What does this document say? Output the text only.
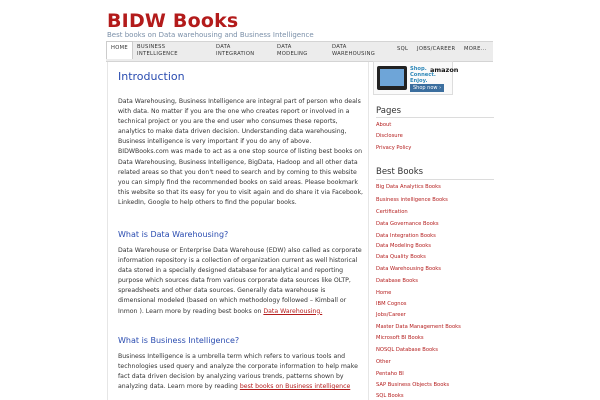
BIDW Books
Best books on Data warehousing and Business Intelligence
HOME	BUSINESS INTELLIGENCE
DATA INTEGRATION
DATA MODELING
DATA WAREHOUSING
SQL JOBS/CAREER MORE...
Introduction

Data Warehousing, Business Intelligence are integral part of person who deals with data. No matter if you are the one who creates report or involved in a technical project or you are the end user who consumes these reports, analytics to make data driven decision. Understanding data warehousing, Business intelligence is very important if you do any of above. BIDWBooks.com was made to act as a one stop source of listing best books on Data Warehousing, Business Intelligence, BigData, Hadoop and all other data related areas so that you don't need to search and by coming to this website you can simply find the recommended books on said areas. Please bookmark this website so that its easy for you to visit again and do share it via Facebook, LinkedIn, Google to help others to find the popular books.

What is Data Warehousing?

Data Warehouse or Enterprise Data Warehouse (EDW) also called as corporate information repository is a collection of organization current as well historical data stored in a specially designed database for analytical and reporting purpose which sources data from various corporate data sources like OLTP, spreadsheets and other data sources. Generally data warehouse is dimensional modeled (based on which methodology followed – Kimball or Inmon ). Learn more by reading best books on Data Warehousing.

What is Business Intelligence?

Business Intelligence is a umbrella term which refers to various tools and technologies used query and analyze the corporate information to help make fact data driven decision by analyzing various trends, patterns shown by analyzing data. Learn more by reading best books on Business intelligence

Shop.
Connect.
Enjoy.
amazon
Shop now ›
Pages
About
Disclosure
Privacy Policy
Best Books
Big Data Analytics Books
Business intelligence Books
Certification
Data Governance Books
Data Integration Books
Data Modeling Books
Data Quality Books
Data Warehousing Books
Database Books
Home
IBM Cognos
Jobs/Career
Master Data Management Books
Microsoft BI Books
NOSQL Database Books
Other
Pentaho BI
SAP Business Objects Books
SQL Books
